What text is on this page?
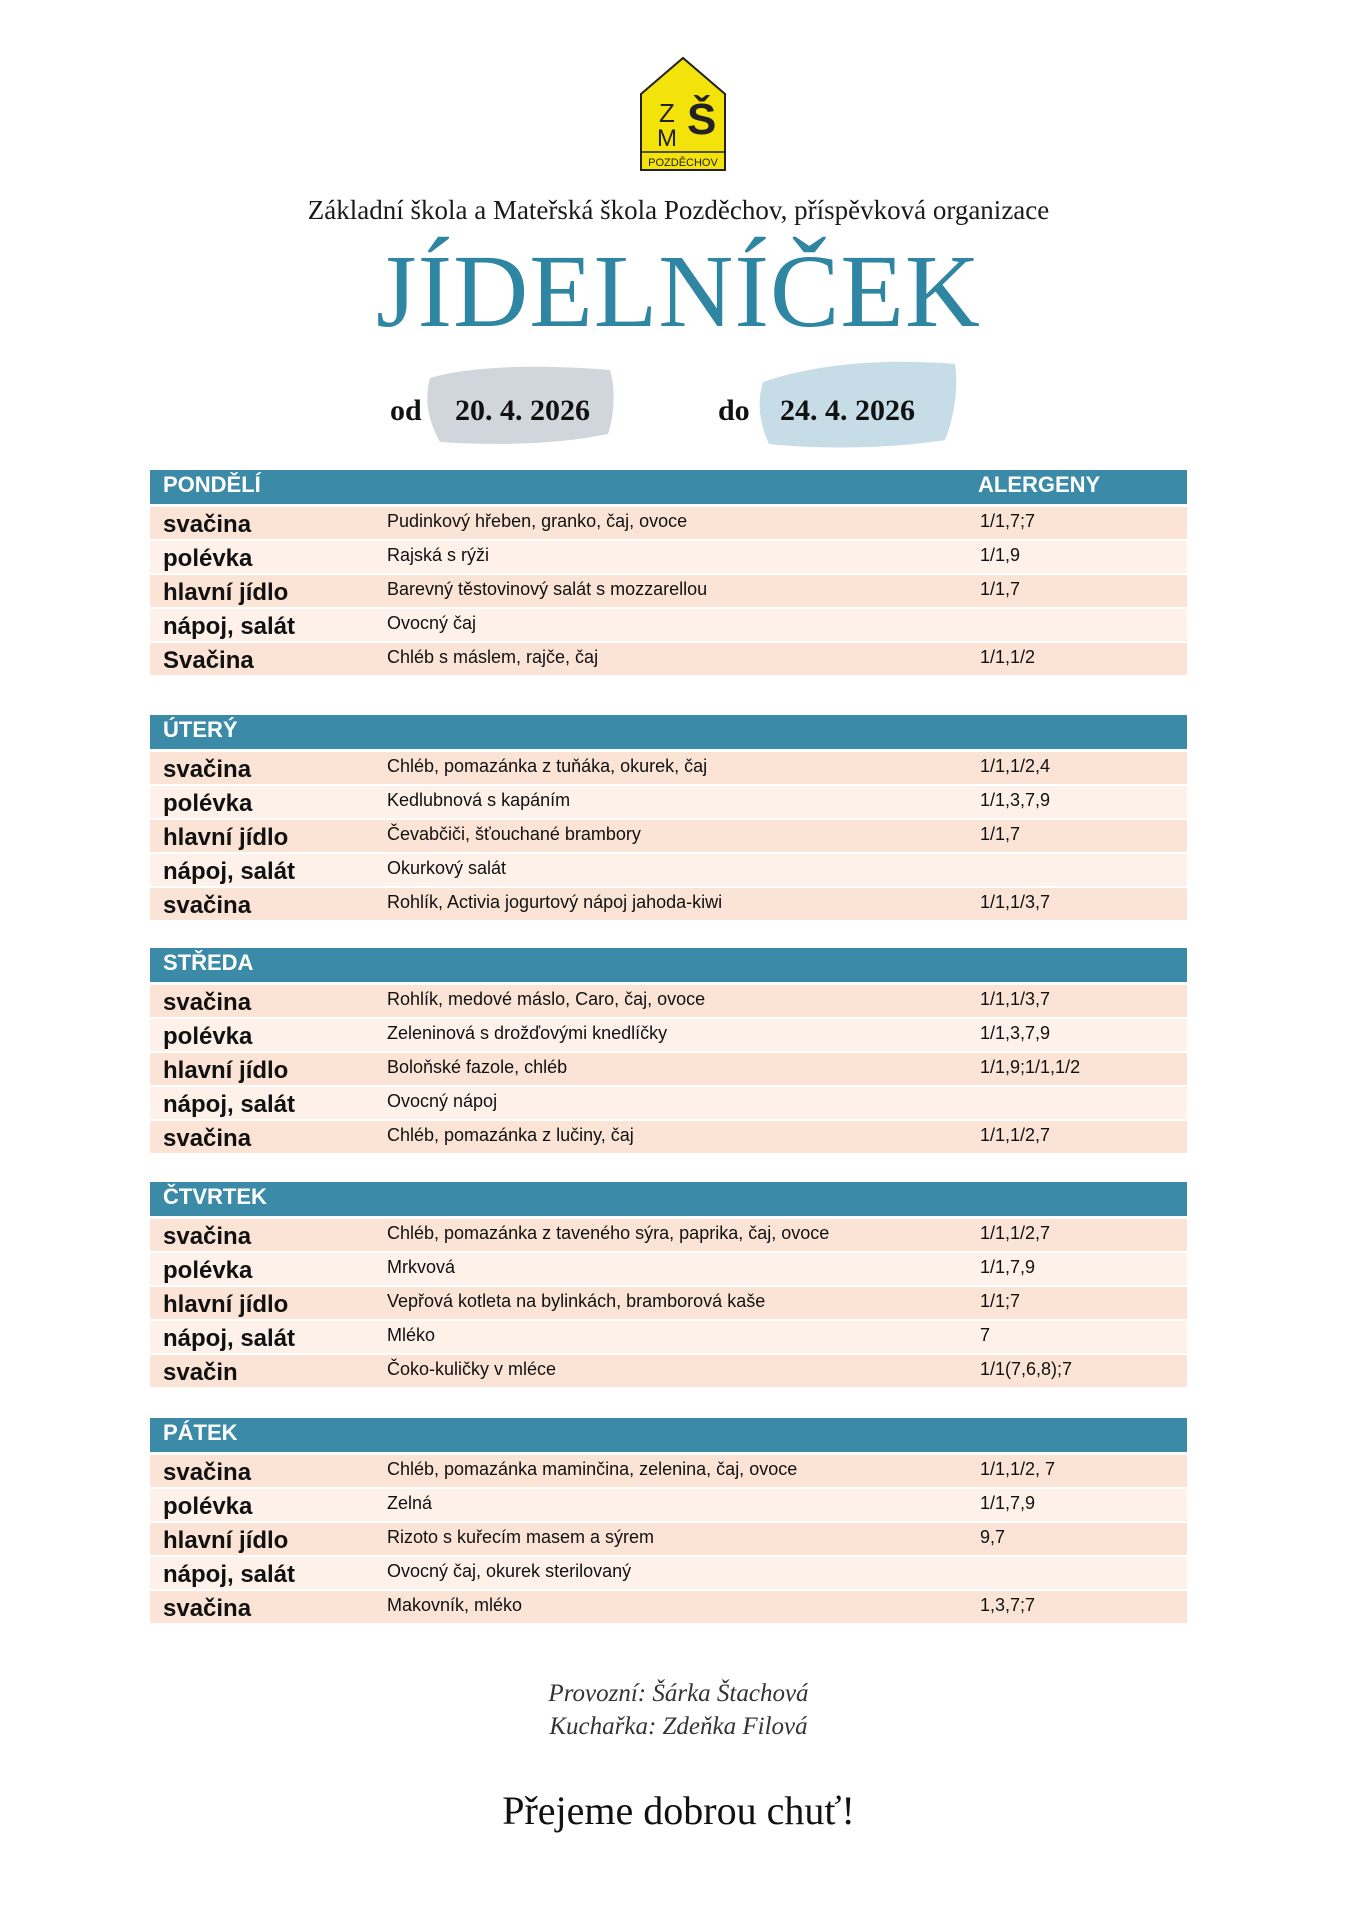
Z Š
M
POZDĚCHOV
Základní škola a Mateřská škola Pozděchov, příspěvková organizace
JÍDELNÍČEK
od 20. 4. 2026	do 24. 4. 2026
PONDĚLÍ	ALERGENY
svačina	Pudinkový hřeben, granko, čaj, ovoce	1/1,7;7
polévka	Rajská s rýži	1/1,9
hlavní jídlo	Barevný těstovinový salát s mozzarellou	1/1,7
nápoj, salát	Ovocný čaj
Svačina	Chléb s máslem, rajče, čaj	1/1,1/2
ÚTERÝ
svačina	Chléb, pomazánka z tuňáka, okurek, čaj	1/1,1/2,4
polévka	Kedlubnová s kapáním	1/1,3,7,9
hlavní jídlo	Čevabčiči, šťouchané brambory	1/1,7
nápoj, salát	Okurkový salát
svačina	Rohlík, Activia jogurtový nápoj jahoda-kiwi	1/1,1/3,7
STŘEDA
svačina	Rohlík, medové máslo, Caro, čaj, ovoce	1/1,1/3,7
polévka	Zeleninová s drožďovými knedlíčky	1/1,3,7,9
hlavní jídlo	Boloňské fazole, chléb	1/1,9;1/1,1/2
nápoj, salát	Ovocný nápoj
svačina	Chléb, pomazánka z lučiny, čaj	1/1,1/2,7
ČTVRTEK
svačina	Chléb, pomazánka z taveného sýra, paprika, čaj, ovoce	1/1,1/2,7
polévka	Mrkvová	1/1,7,9
hlavní jídlo	Vepřová kotleta na bylinkách, bramborová kaše	1/1;7
nápoj, salát	Mléko	7
svačin	Čoko-kuličky v mléce	1/1(7,6,8);7
PÁTEK
svačina	Chléb, pomazánka maminčina, zelenina, čaj, ovoce	1/1,1/2, 7
polévka	Zelná	1/1,7,9
hlavní jídlo	Rizoto s kuřecím masem a sýrem	9,7
nápoj, salát	Ovocný čaj, okurek sterilovaný
svačina	Makovník, mléko	1,3,7;7
Provozní: Šárka Štachová
Kuchařka: Zdeňka Filová
Přejeme dobrou chuť!
